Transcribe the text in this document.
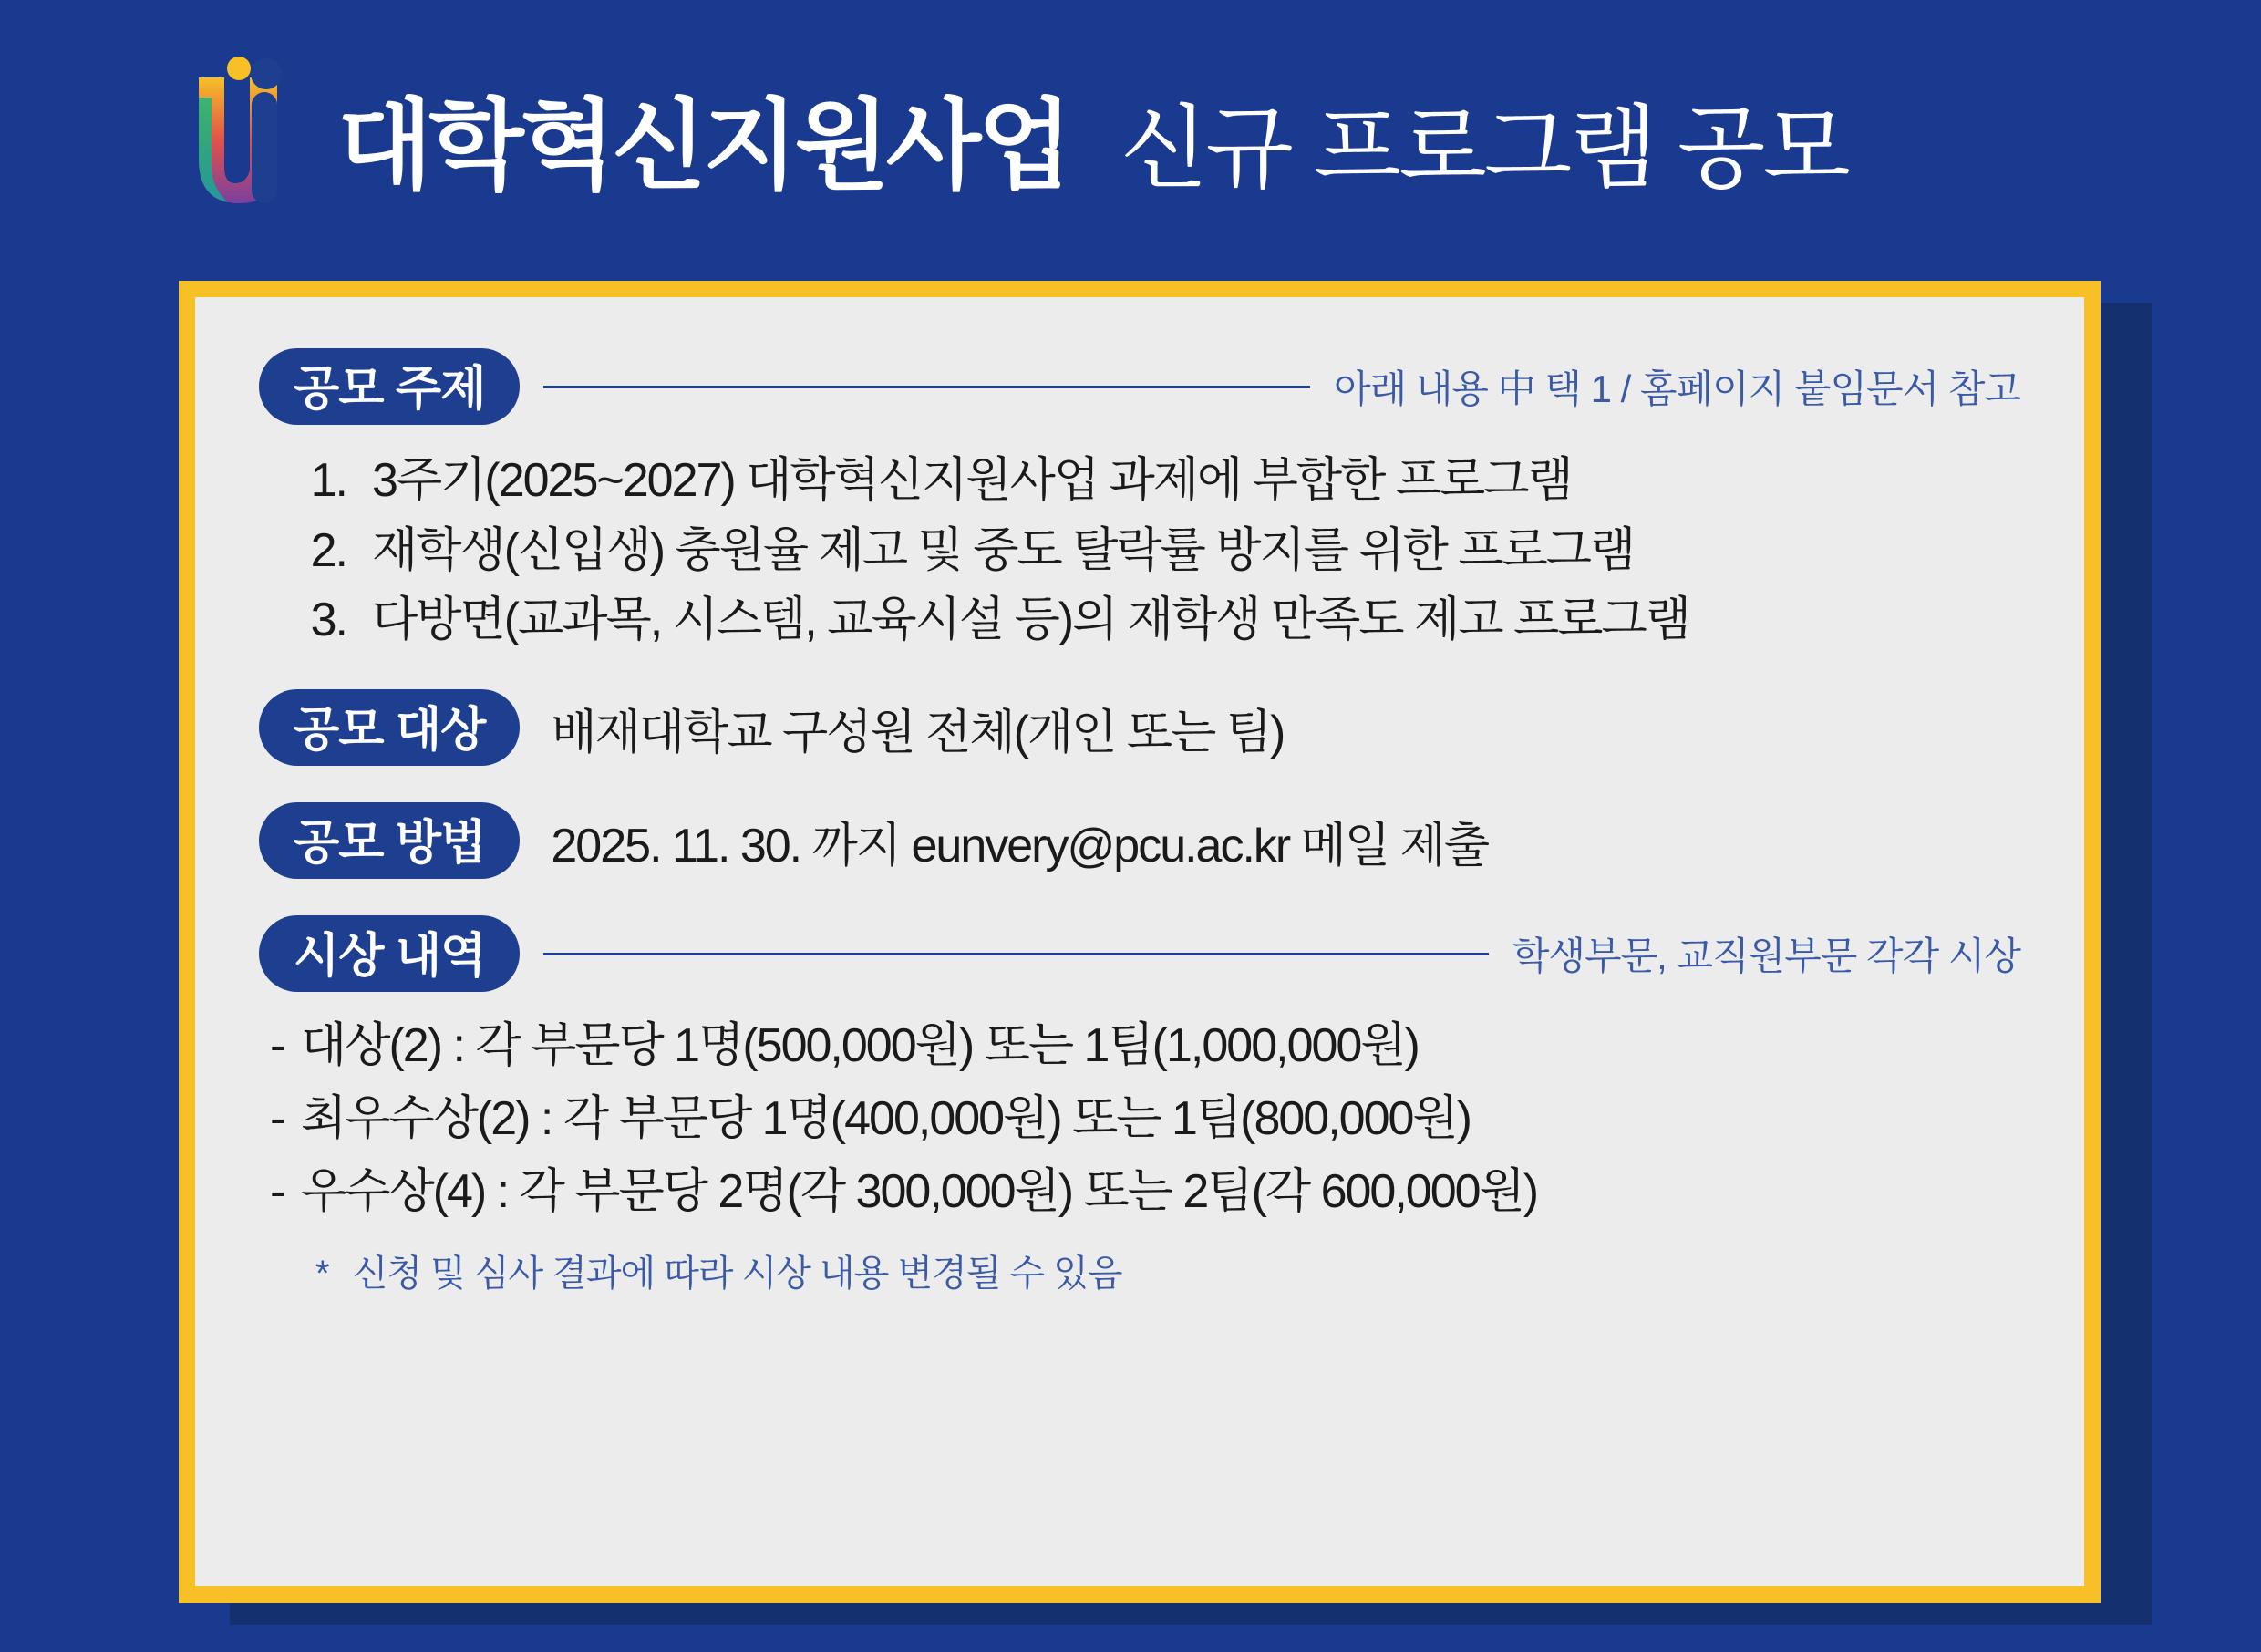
대학혁신지원사업 신규 프로그램 공모
공모 주제	아래 내용 中 택 1 / 홈페이지 붙임문서 참고
1. 3주기(2025~2027) 대학혁신지원사업 과제에 부합한 프로그램
2. 재학생(신입생) 충원율 제고 및 중도 탈락률 방지를 위한 프로그램
3. 다방면(교과목, 시스템, 교육시설 등)의 재학생 만족도 제고 프로그램
공모 대상	배재대학교 구성원 전체(개인 또는 팀)
공모 방법	2025. 11. 30. 까지 eunvery@pcu.ac.kr 메일 제출
시상 내역	학생부문, 교직원부문 각각 시상
- 대상(2) : 각 부문당 1명(500,000원) 또는 1팀(1,000,000원)
- 최우수상(2) : 각 부문당 1명(400,000원) 또는 1팀(800,000원)
- 우수상(4) : 각 부문당 2명(각 300,000원) 또는 2팀(각 600,000원)
* 신청 및 심사 결과에 따라 시상 내용 변경될 수 있음
